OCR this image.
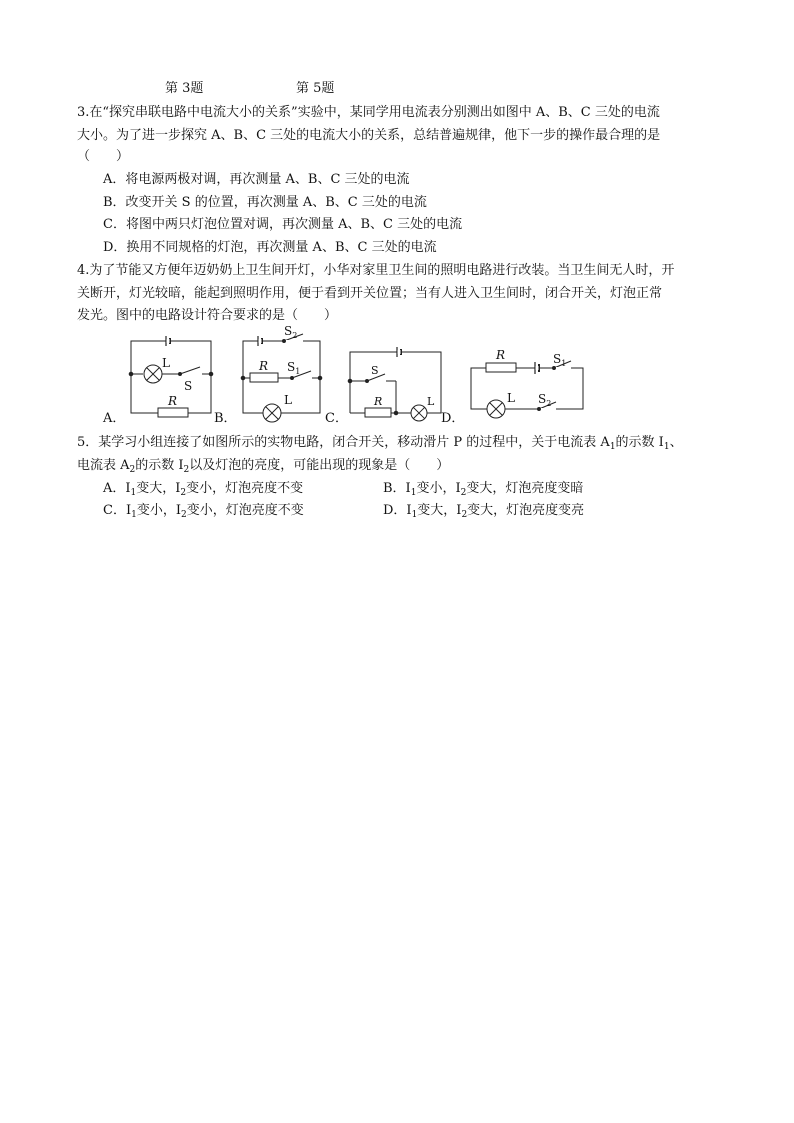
第 3题	第 5题
3.在“探究串联电路中电流大小的关系”实验中，某同学用电流表分别测出如图中 A、B、C 三处的电流
大小。为了进一步探究 A、B、C 三处的电流大小的关系，总结普遍规律，他下一步的操作最合理的是
（　　）
A．将电源两极对调，再次测量 A、B、C 三处的电流
B．改变开关 S 的位置，再次测量 A、B、C 三处的电流
C．将图中两只灯泡位置对调，再次测量 A、B、C 三处的电流
D．换用不同规格的灯泡，再次测量 A、B、C 三处的电流
4.为了节能又方便年迈奶奶上卫生间开灯，小华对家里卫生间的照明电路进行改装。当卫生间无人时，开
关断开，灯光较暗，能起到照明作用，便于看到开关位置；当有人进入卫生间时，闭合开关，灯泡正常
发光。图中的电路设计符合要求的是（　　）
L
S
R
$S_2$
R $S_1$
L
S
R	L
R	$S_1$
L $S_2$
A．	B．	C．	D．
5．某学习小组连接了如图所示的实物电路，闭合开关，移动滑片 P 的过程中，关于电流表 $A_1$的示数 $I_1$、
电流表 $A_2$的示数 $I_2$以及灯泡的亮度，可能出现的现象是（　　）
A．$I_1$变大，$I_2$变小，灯泡亮度不变	B．$I_1$变小，$I_2$变大，灯泡亮度变暗
C．$I_1$变小，$I_2$变小，灯泡亮度不变	D．$I_1$变大，$I_2$变大，灯泡亮度变亮
